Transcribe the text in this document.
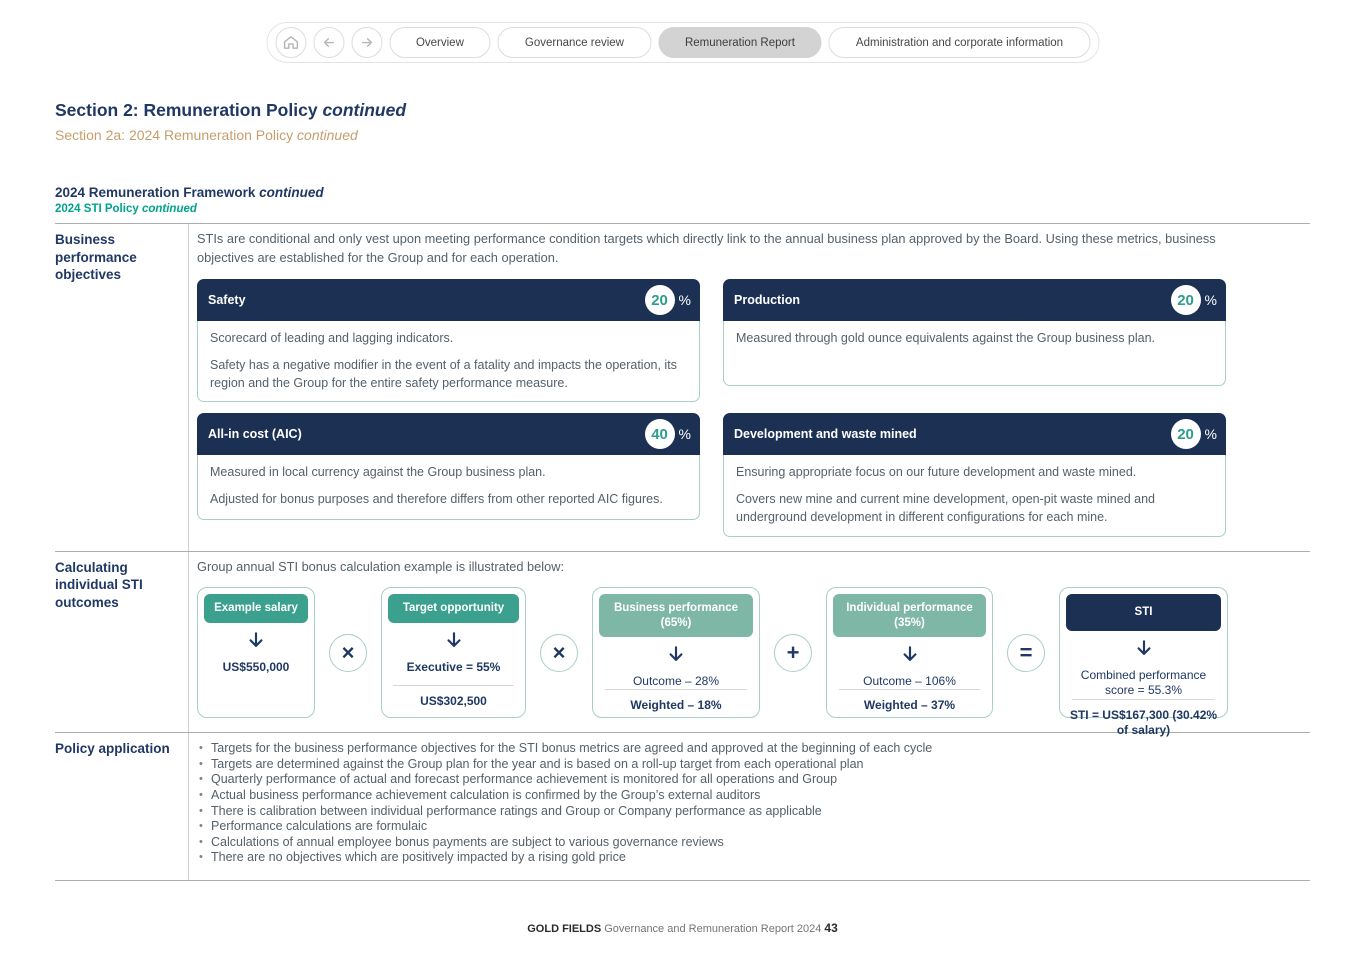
Overview	Governance review	Remuneration Report	Administration and corporate information
Section 2: Remuneration Policy continued
Section 2a: 2024 Remuneration Policy continued
2024 Remuneration Framework continued
2024 STI Policy continued
Business performance objectives

STIs are conditional and only vest upon meeting performance condition targets which directly link to the annual business plan approved by the Board. Using these metrics, business objectives are established for the Group and for each operation.

Safety	20 %

Scorecard of leading and lagging indicators.

Safety has a negative modifier in the event of a fatality and impacts the operation, its region and the Group for the entire safety performance measure.

Production	20 %

Measured through gold ounce equivalents against the Group business plan.

All-in cost (AIC)	40 %

Measured in local currency against the Group business plan.

Adjusted for bonus purposes and therefore differs from other reported AIC figures.

Development and waste mined	20 %

Ensuring appropriate focus on our future development and waste mined.

Covers new mine and current mine development, open-pit waste mined and underground development in different configurations for each mine.

Calculating individual STI outcomes

Group annual STI bonus calculation example is illustrated below:

Example salary
US$550,000
×
Target opportunity
Executive = 55%
US$302,500
×
Business performance (65%)
Outcome – 28%
Weighted – 18%
+
Individual performance (35%)
Outcome – 106%
Weighted – 37%
=
STI
Combined performance score = 55.3%
STI = US$167,300 (30.42% of salary)
Policy application	• Targets for the business performance objectives for the STI bonus metrics are agreed and approved at the beginning of each cycle
• Targets are determined against the Group plan for the year and is based on a roll-up target from each operational plan
• Quarterly performance of actual and forecast performance achievement is monitored for all operations and Group
• Actual business performance achievement calculation is confirmed by the Group’s external auditors
• There is calibration between individual performance ratings and Group or Company performance as applicable
• Performance calculations are formulaic
• Calculations of annual employee bonus payments are subject to various governance reviews
• There are no objectives which are positively impacted by a rising gold price
GOLD FIELDS Governance and Remuneration Report 2024 43
